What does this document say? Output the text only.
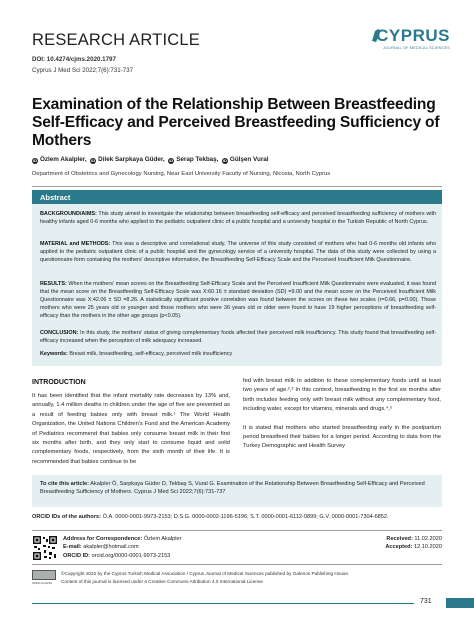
RESEARCH ARTICLE
DOI: 10.4274/cjms.2020.1797
Cyprus J Med Sci 2022;7(6):731-737
CYPRUS
JOURNAL OF MEDICAL SCIENCES
Examination of the Relationship Between Breastfeeding Self-Efficacy and Perceived Breastfeeding Sufficiency of Mothers
iD Özlem Akalpler,  iD Dilek Sarpkaya Güder,  iD Serap Tekbaş,  iD Gülşen Vural
Department of Obstetrics and Gynecology Nursing, Near East University Faculty of Nursing, Nicosia, North Cyprus
Abstract
BACKGROUND/AIMS: This study aimed to investigate the relationship between breastfeeding self-efficacy and perceived breastfeeding sufficiency of mothers with healthy infants aged 0-6 months who applied to the pediatric outpatient clinic of a public hospital and a university hospital in the Turkish Republic of North Cyprus.
MATERIAL and METHODS: This was a descriptive and correlational study. The universe of this study consisted of mothers who had 0-6 months old infants who applied to the pediatric outpatient clinic of a public hospital and the gynecology service of a university hospital. The data of this study were collected by using a questionnaire form containing the mothers' descriptive information, the Breastfeeding Self-Efficacy Scale and the Perceived Insufficient Milk Questionnaire.
RESULTS: When the mothers' mean scores on the Breastfeeding Self-Efficacy Scale and the Perceived Insufficient Milk Questionnaire were evaluated, it was found that the mean score on the Breastfeeding Self-Efficacy Scale was X:60.16 ± standard deviation (SD) =9.00 and the mean score on the Perceived Insufficient Milk Questionnaire was X:42.06 ± SD =8.26. A statistically significant positive correlation was found between the scores on these two scales (r=0.66, p=0.00). Those mothers who were 25 years old or younger and those mothers who were 36 years old or older were found to have 19 higher perceptions of breastfeeding self-efficacy than the mothers in the other age groups (p<0.05).
CONCLUSION: In this study, the mothers' status of giving complementary foods affected their perceived milk insufficiency. This study found that breastfeeding self-efficacy increased when the perception of milk adequacy increased.
Keywords: Breast milk, breastfeeding, self-efficacy, perceived milk insufficiency
INTRODUCTION
It has been identified that the infant mortality rate decreases by 13% and, annually, 1.4 million deaths in children under the age of five are prevented as a result of feeding babies only with breast milk.¹ The World Health Organization, the United Nations Children's Fund and the American Academy of Pediatrics recommend that babies only consume breast milk in their first six months after birth, and they only start to consume liquid and solid complementary foods, respectively, from the sixth month of their life. It is recommended that babies continue to be

fed with breast milk in addition to these complementary foods until at least two years of age.²,³ In this context, breastfeeding in the first six months after birth includes feeding only with breast milk without any complementary food, including water, except for vitamins, minerals and drugs.⁴,⁵

It is stated that mothers who started breastfeeding early in the postpartum period breastfeed their babies for a longer period. According to data from the Turkey Demographic and Health Survey

To cite this article: Akalpler Ö, Sarpkaya Güder D, Tekbaş S, Vural G. Examination of the Relationship Between Breastfeeding Self-Efficacy and Perceived Breastfeeding Sufficiency of Mothers. Cyprus J Med Sci 2022;7(6):731-737
ORCID IDs of the authors: Ö.A. 0000-0001-9973-2153; D.S.G. 0000-0002-1196-5196; S.T. 0000-0001-6112-0899; G.V. 0000-0001-7304-6852.
Address for Correspondence: Özlem Akalpler
E-mail: akalpler@hotmail.com
ORCID ID: orcid.org/0000-0001-9973-2153
Received: 11.02.2020
Accepted: 12.10.2020
OPEN ACCESS
©Copyright 2022 by the Cyprus Turkish Medical Association / Cyprus Journal of Medical Sciences published by Galenos Publishing House.
Content of this journal is licensed under a Creative Commons Attribution 4.0 International License
731
